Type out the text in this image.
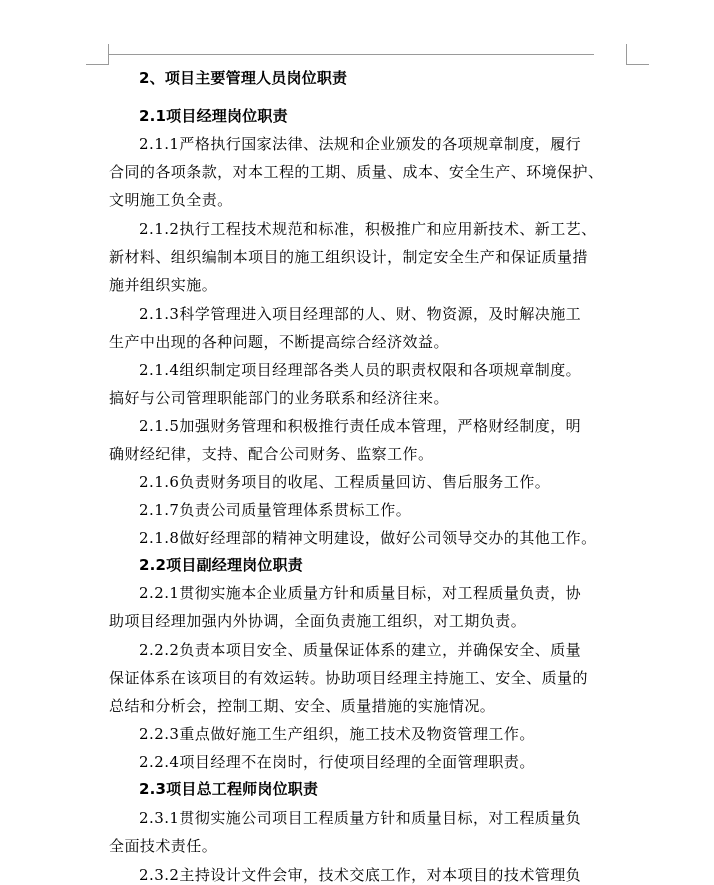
2、项目主要管理人员岗位职责
2.1项目经理岗位职责
2.1.1严格执行国家法律、法规和企业颁发的各项规章制度，履行
合同的各项条款，对本工程的工期、质量、成本、安全生产、环境保护、
文明施工负全责。
2.1.2执行工程技术规范和标准，积极推广和应用新技术、新工艺、
新材料、组织编制本项目的施工组织设计，制定安全生产和保证质量措
施并组织实施。
2.1.3科学管理进入项目经理部的人、财、物资源，及时解决施工
生产中出现的各种问题，不断提高综合经济效益。
2.1.4组织制定项目经理部各类人员的职责权限和各项规章制度。
搞好与公司管理职能部门的业务联系和经济往来。
2.1.5加强财务管理和积极推行责任成本管理，严格财经制度，明
确财经纪律，支持、配合公司财务、监察工作。
2.1.6负责财务项目的收尾、工程质量回访、售后服务工作。
2.1.7负责公司质量管理体系贯标工作。
2.1.8做好经理部的精神文明建设，做好公司领导交办的其他工作。
2.2项目副经理岗位职责
2.2.1贯彻实施本企业质量方针和质量目标，对工程质量负责，协
助项目经理加强内外协调，全面负责施工组织，对工期负责。
2.2.2负责本项目安全、质量保证体系的建立，并确保安全、质量
保证体系在该项目的有效运转。协助项目经理主持施工、安全、质量的
总结和分析会，控制工期、安全、质量措施的实施情况。
2.2.3重点做好施工生产组织，施工技术及物资管理工作。
2.2.4项目经理不在岗时，行使项目经理的全面管理职责。
2.3项目总工程师岗位职责
2.3.1贯彻实施公司项目工程质量方针和质量目标，对工程质量负
全面技术责任。
2.3.2主持设计文件会审，技术交底工作，对本项目的技术管理负
